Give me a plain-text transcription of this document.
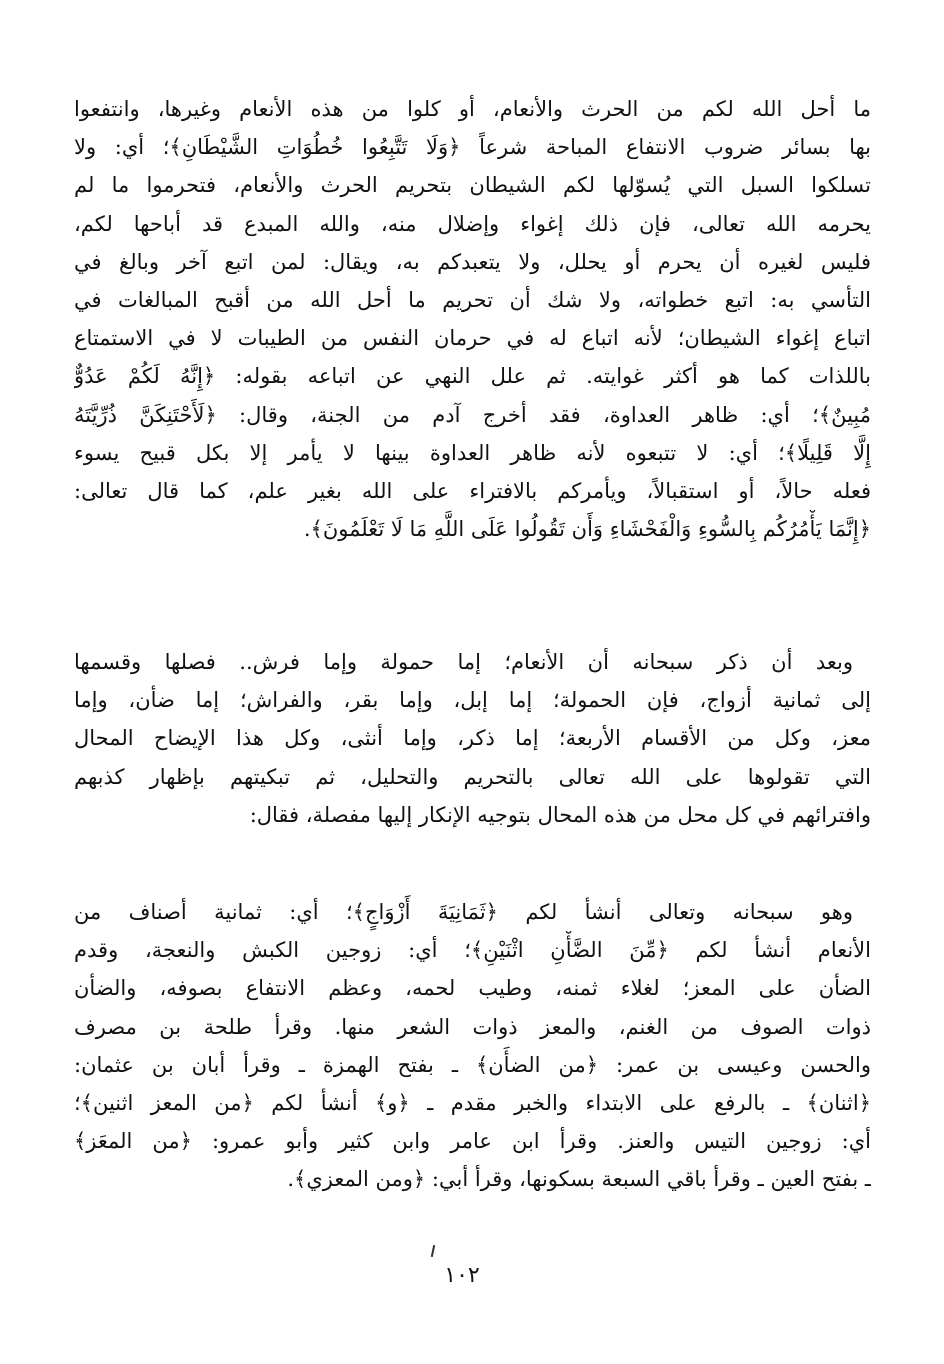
ما أحل الله لكم من الحرث والأنعام، أو كلوا من هذه الأنعام وغيرها، وانتفعوا
بها بسائر ضروب الانتفاع المباحة شرعاً ﴿وَلَا تَتَّبِعُوا خُطُوَاتِ الشَّيْطَانِ﴾؛ أي: ولا
تسلكوا السبل التي يُسوّلها لكم الشيطان بتحريم الحرث والأنعام، فتحرموا ما لم
يحرمه الله تعالى، فإن ذلك إغواء وإضلال منه، والله المبدع قد أباحها لكم،
فليس لغيره أن يحرم أو يحلل، ولا يتعبدكم به، ويقال: لمن اتبع آخر وبالغ في
التأسي به: اتبع خطواته، ولا شك أن تحريم ما أحل الله من أقبح المبالغات في
اتباع إغواء الشيطان؛ لأنه اتباع له في حرمان النفس من الطيبات لا في الاستمتاع
باللذات كما هو أكثر غوايته. ثم علل النهي عن اتباعه بقوله: ﴿إِنَّهُ لَكُمْ عَدُوٌّ
مُبِينٌ﴾؛ أي: ظاهر العداوة، فقد أخرج آدم من الجنة، وقال: ﴿لَأَحْتَنِكَنَّ ذُرِّيَّتَهُ
إِلَّا قَلِيلًا﴾؛ أي: لا تتبعوه لأنه ظاهر العداوة بينها لا يأمر إلا بكل قبيح يسوء
فعله حالاً، أو استقبالاً، ويأمركم بالافتراء على الله بغير علم، كما قال تعالى:
﴿إِنَّمَا يَأْمُرُكُم بِالسُّوءِ وَالْفَحْشَاءِ وَأَن تَقُولُوا عَلَى اللَّهِ مَا لَا تَعْلَمُونَ﴾.
وبعد أن ذكر سبحانه أن الأنعام؛ إما حمولة وإما فرش.. فصلها وقسمها
إلى ثمانية أزواج، فإن الحمولة؛ إما إبل، وإما بقر، والفراش؛ إما ضأن، وإما
معز، وكل من الأقسام الأربعة؛ إما ذكر، وإما أنثى، وكل هذا الإيضاح المحال
التي تقولوها على الله تعالى بالتحريم والتحليل، ثم تبكيتهم بإظهار كذبهم
وافترائهم في كل محل من هذه المحال بتوجيه الإنكار إليها مفصلة، فقال:
وهو سبحانه وتعالى أنشأ لكم ﴿ثَمَانِيَةَ أَزْوَاجٍ﴾؛ أي: ثمانية أصناف من
الأنعام أنشأ لكم ﴿مِّنَ الضَّأْنِ اثْنَيْنِ﴾؛ أي: زوجين الكبش والنعجة، وقدم
الضأن على المعز؛ لغلاء ثمنه، وطيب لحمه، وعظم الانتفاع بصوفه، والضأن
ذوات الصوف من الغنم، والمعز ذوات الشعر منها. وقرأ طلحة بن مصرف
والحسن وعيسى بن عمر: ﴿من الضأَن﴾ ـ بفتح الهمزة ـ وقرأ أبان بن عثمان:
﴿اثنان﴾ ـ بالرفع على الابتداء والخبر مقدم ـ ﴿و﴾ أنشأ لكم ﴿من المعز اثنين﴾؛
أي: زوجين التيس والعنز. وقرأ ابن عامر وابن كثير وأبو عمرو: ﴿من المعَز﴾
ـ بفتح العين ـ وقرأ باقي السبعة بسكونها، وقرأ أبي: ﴿ومن المعزي﴾.
١٠٢
